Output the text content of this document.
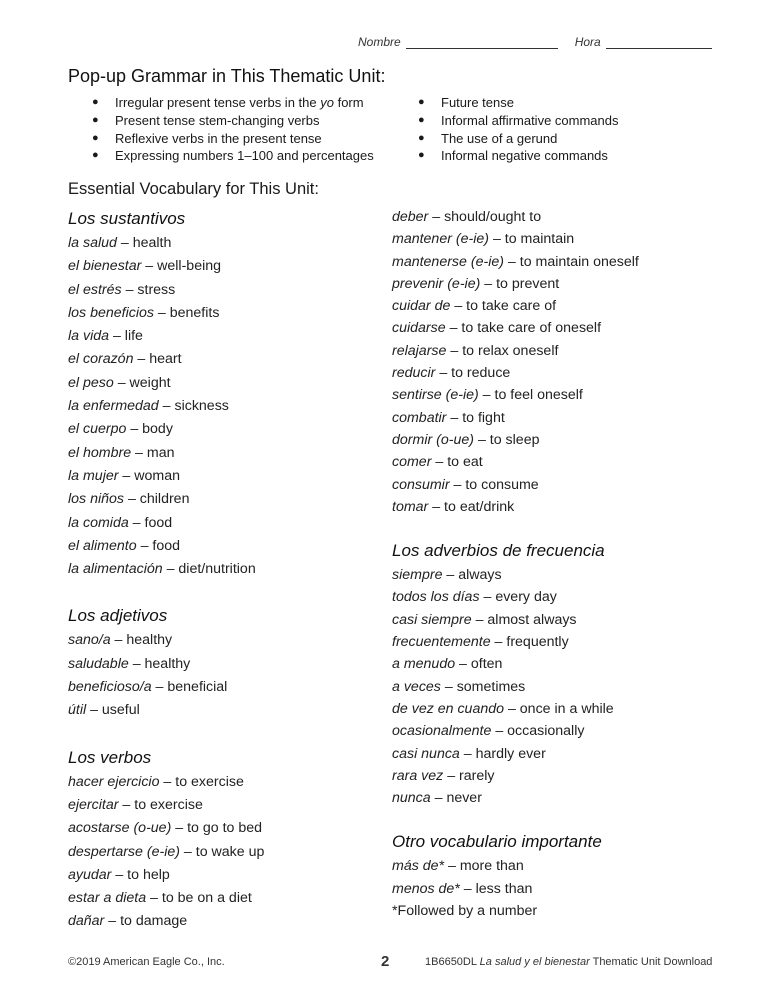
Nombre	Hora
Pop-up Grammar in This Thematic Unit:
● Irregular present tense verbs in the yo form
● Present tense stem-changing verbs
● Reflexive verbs in the present tense
● Expressing numbers 1–100 and percentages
● Future tense
● Informal affirmative commands
● The use of a gerund
● Informal negative commands
Essential Vocabulary for This Unit:
Los sustantivos
la salud – health
el bienestar – well-being
el estrés – stress
los beneficios – benefits
la vida – life
el corazón – heart
el peso – weight
la enfermedad – sickness
el cuerpo – body
el hombre – man
la mujer – woman
los niños – children
la comida – food
el alimento – food
la alimentación – diet/nutrition
Los adjetivos
sano/a – healthy
saludable – healthy
beneficioso/a – beneficial
útil – useful
Los verbos
hacer ejercicio – to exercise
ejercitar – to exercise
acostarse (o-ue) – to go to bed
despertarse (e-ie) – to wake up
ayudar – to help
estar a dieta – to be on a diet
dañar – to damage
deber – should/ought to
mantener (e-ie) – to maintain
mantenerse (e-ie) – to maintain oneself
prevenir (e-ie) – to prevent
cuidar de – to take care of
cuidarse – to take care of oneself
relajarse – to relax oneself
reducir – to reduce
sentirse (e-ie) – to feel oneself
combatir – to fight
dormir (o-ue) – to sleep
comer – to eat
consumir – to consume
tomar – to eat/drink
Los adverbios de frecuencia
siempre – always
todos los días – every day
casi siempre – almost always
frecuentemente – frequently
a menudo – often
a veces – sometimes
de vez en cuando – once in a while
ocasionalmente – occasionally
casi nunca – hardly ever
rara vez – rarely
nunca – never
Otro vocabulario importante
más de* – more than
menos de* – less than
*Followed by a number
©2019 American Eagle Co., Inc.	2	1B6650DL La salud y el bienestar Thematic Unit Download
